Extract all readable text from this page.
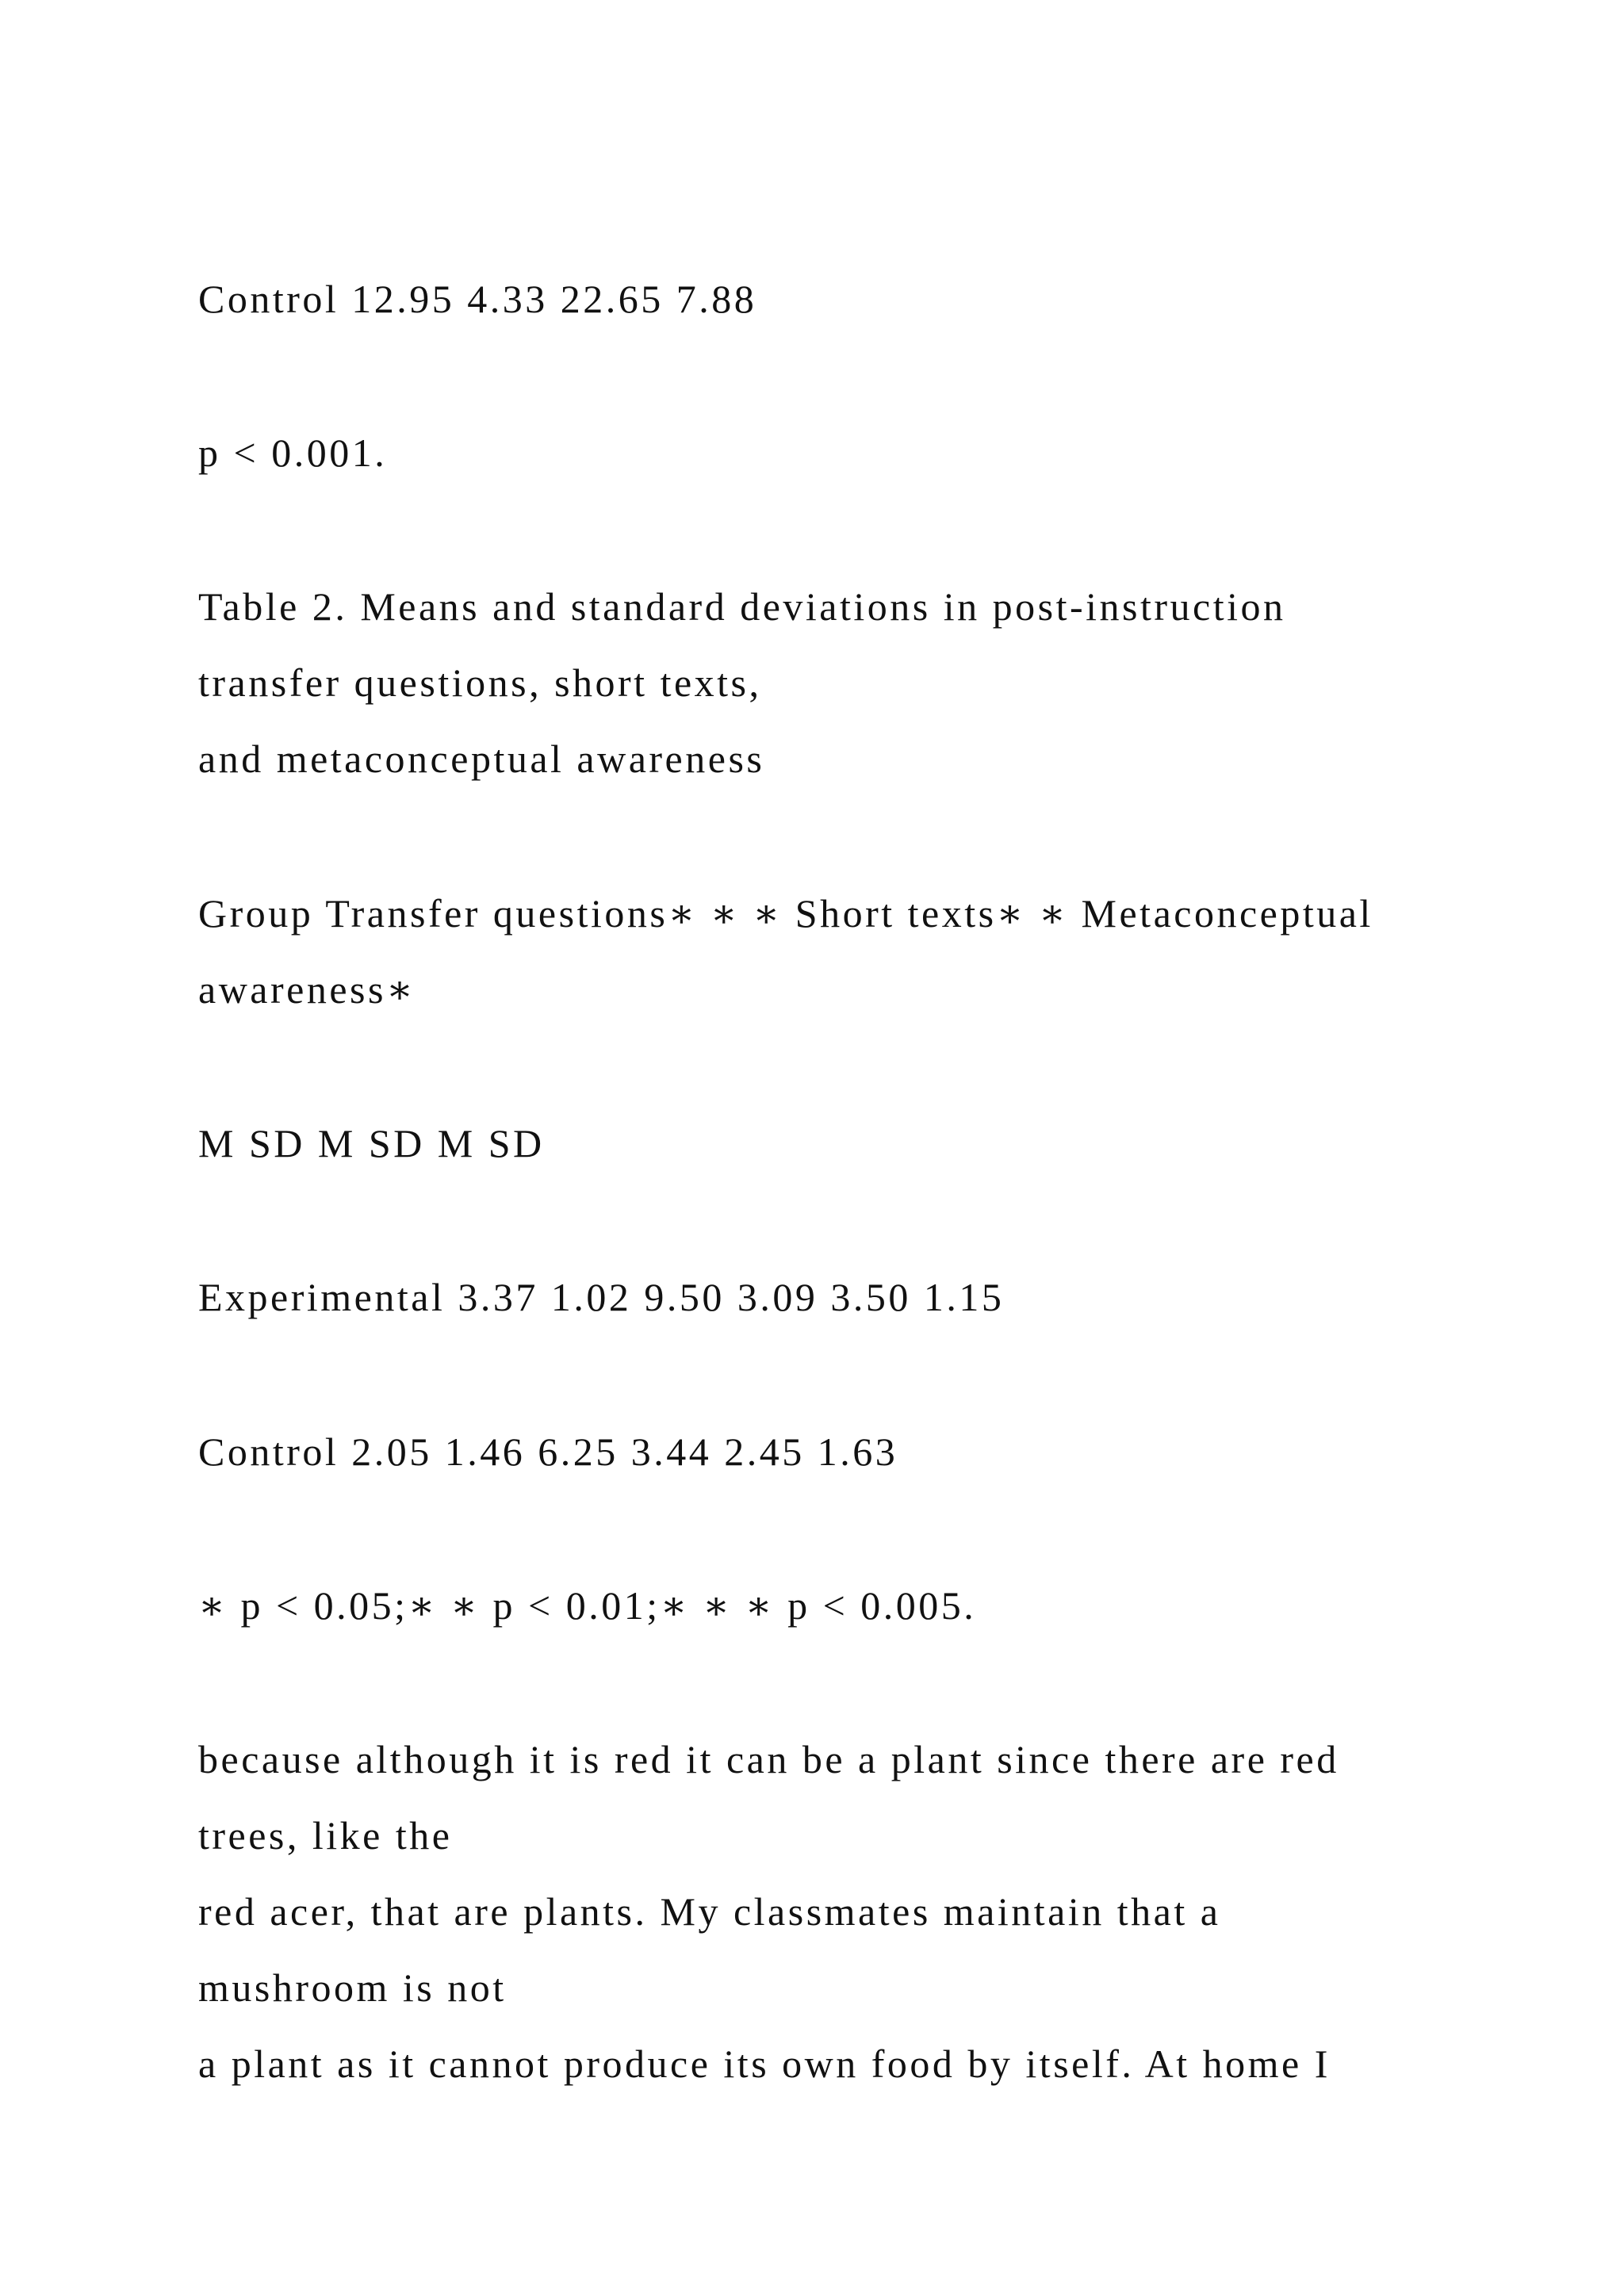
Control 12.95 4.33 22.65 7.88

p < 0.001.

Table 2. Means and standard deviations in post-instruction

transfer questions, short texts,

and metaconceptual awareness

Group Transfer questions∗ ∗ ∗ Short texts∗ ∗ Metaconceptual

awareness∗

M SD M SD M SD

Experimental 3.37 1.02 9.50 3.09 3.50 1.15

Control 2.05 1.46 6.25 3.44 2.45 1.63

∗ p < 0.05;∗ ∗ p < 0.01;∗ ∗ ∗ p < 0.005.

because although it is red it can be a plant since there are red

trees, like the

red acer, that are plants. My classmates maintain that a

mushroom is not

a plant as it cannot produce its own food by itself. At home I
